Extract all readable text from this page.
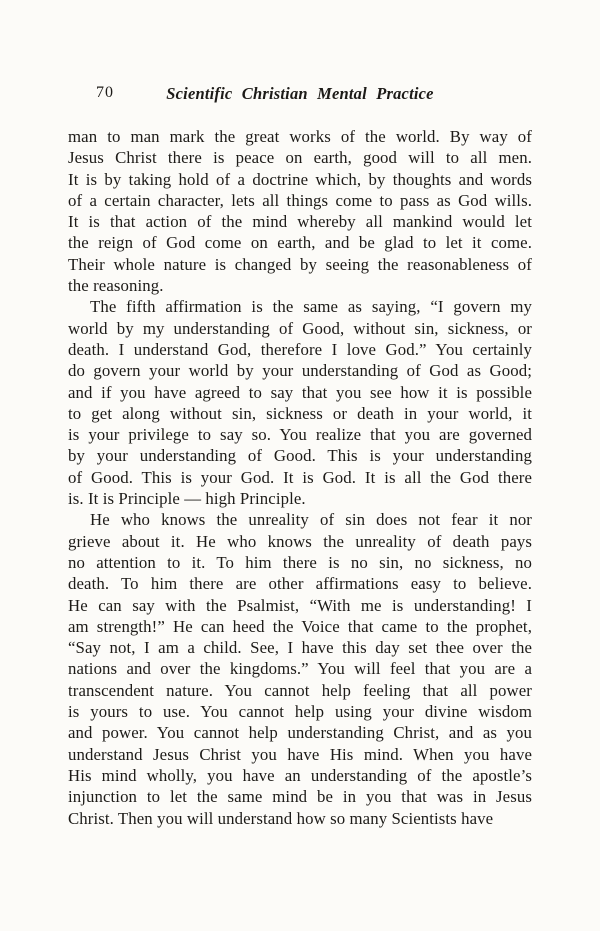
70	Scientific Christian Mental Practice
man to man mark the great works of the world. By way of
Jesus Christ there is peace on earth, good will to all men.
It is by taking hold of a doctrine which, by thoughts and words
of a certain character, lets all things come to pass as God wills.
It is that action of the mind whereby all mankind would let
the reign of God come on earth, and be glad to let it come.
Their whole nature is changed by seeing the reasonableness of
the reasoning.
The fifth affirmation is the same as saying, “I govern my
world by my understanding of Good, without sin, sickness, or
death. I understand God, therefore I love God.” You certainly
do govern your world by your understanding of God as Good;
and if you have agreed to say that you see how it is possible
to get along without sin, sickness or death in your world, it
is your privilege to say so. You realize that you are governed
by your understanding of Good. This is your understanding
of Good. This is your God. It is God. It is all the God there
is. It is Principle — high Principle.
He who knows the unreality of sin does not fear it nor
grieve about it. He who knows the unreality of death pays
no attention to it. To him there is no sin, no sickness, no
death. To him there are other affirmations easy to believe.
He can say with the Psalmist, “With me is understanding! I
am strength!” He can heed the Voice that came to the prophet,
“Say not, I am a child. See, I have this day set thee over the
nations and over the kingdoms.” You will feel that you are a
transcendent nature. You cannot help feeling that all power
is yours to use. You cannot help using your divine wisdom
and power. You cannot help understanding Christ, and as you
understand Jesus Christ you have His mind. When you have
His mind wholly, you have an understanding of the apostle’s
injunction to let the same mind be in you that was in Jesus
Christ. Then you will understand how so many Scientists have
